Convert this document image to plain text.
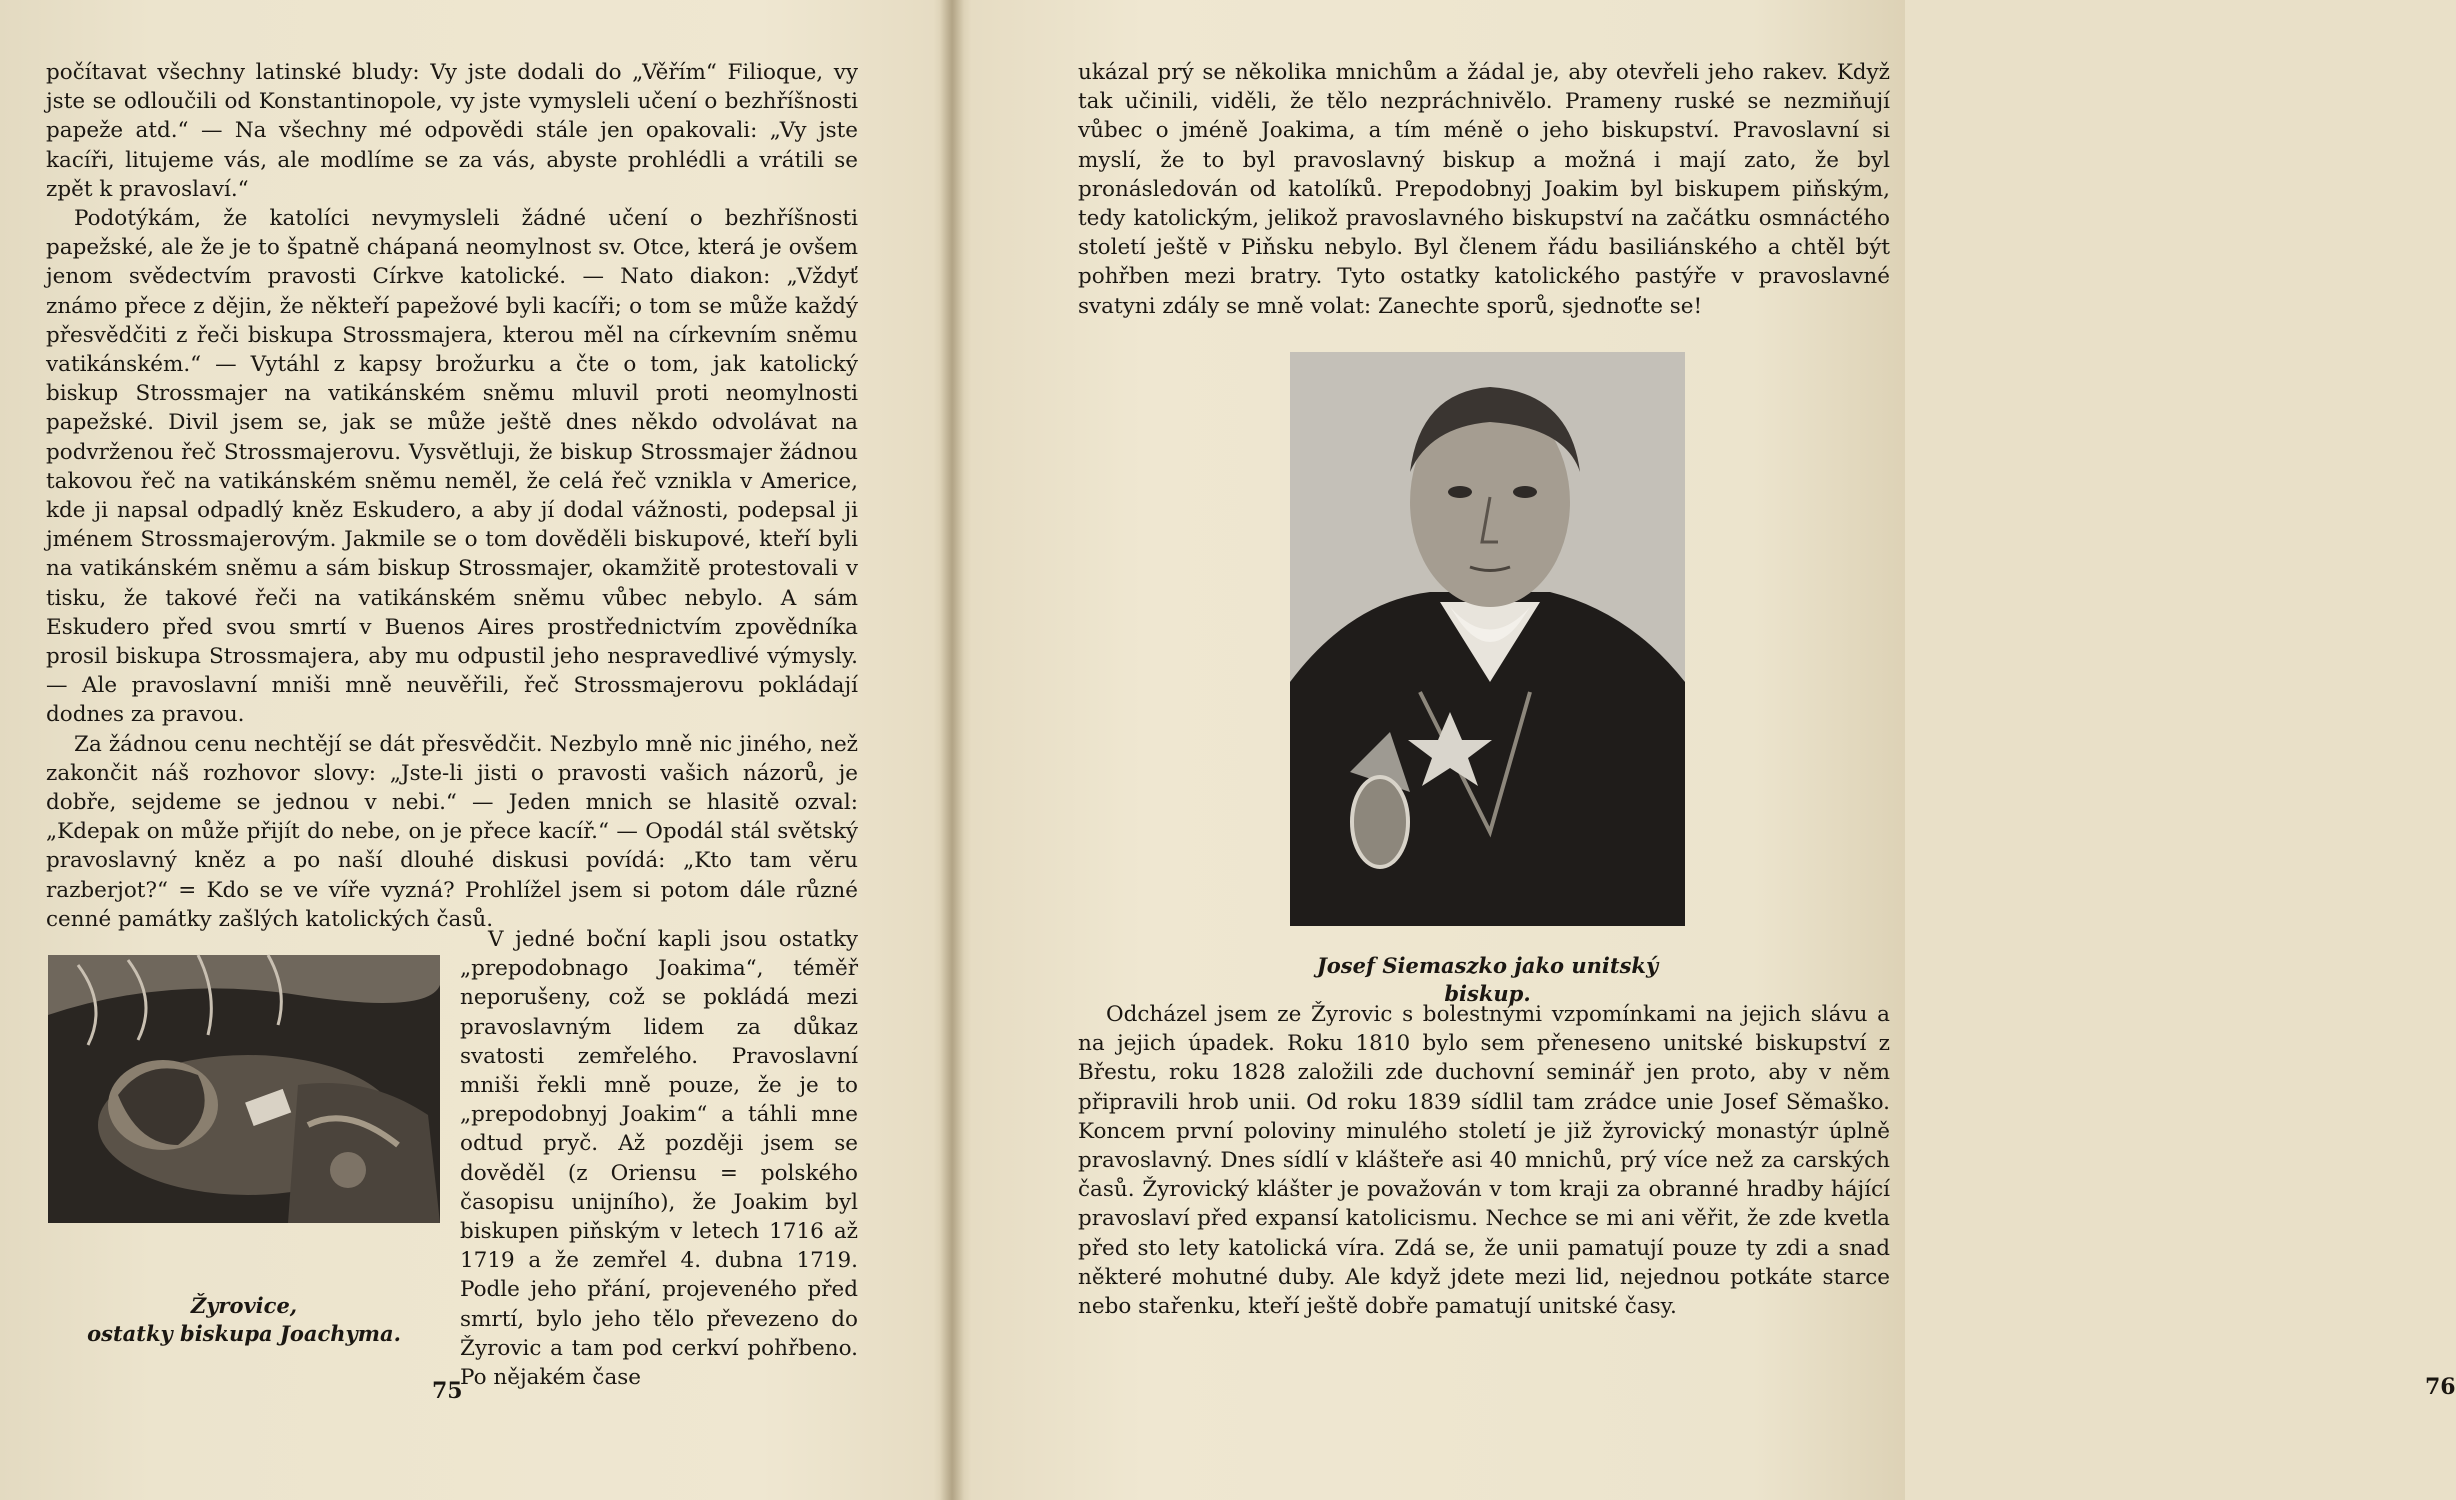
počítavat všechny latinské bludy: Vy jste dodali do „Věřím“ Filioque, vy jste se odloučili od Konstantinopole, vy jste vymysleli učení o bezhříšnosti papeže atd.“ — Na všechny mé odpovědi stále jen opakovali: „Vy jste kacíři, litujeme vás, ale modlíme se za vás, abyste prohlédli a vrátili se zpět k pravoslaví.“

Podotýkám, že katolíci nevymysleli žádné učení o bezhříšnosti papežské, ale že je to špatně chápaná neomylnost sv. Otce, která je ovšem jenom svědectvím pravosti Církve katolické. — Nato diakon: „Vždyť známo přece z dějin, že někteří papežové byli kacíři; o tom se může každý přesvědčiti z řeči biskupa Strossmajera, kterou měl na církevním sněmu vatikánském.“ — Vytáhl z kapsy brožurku a čte o tom, jak katolický biskup Strossmajer na vatikánském sněmu mluvil proti neomylnosti papežské. Divil jsem se, jak se může ještě dnes někdo odvolávat na podvrženou řeč Strossmajerovu. Vysvětluji, že biskup Strossmajer žádnou takovou řeč na vatikánském sněmu neměl, že celá řeč vznikla v Americe, kde ji napsal odpadlý kněz Eskudero, a aby jí dodal vážnosti, podepsal ji jménem Strossmajerovým. Jakmile se o tom dověděli biskupové, kteří byli na vatikánském sněmu a sám biskup Strossmajer, okamžitě protestovali v tisku, že takové řeči na vatikánském sněmu vůbec nebylo. A sám Eskudero před svou smrtí v Buenos Aires prostřednictvím zpovědníka prosil biskupa Strossmajera, aby mu odpustil jeho nespravedlivé výmysly. — Ale pravoslavní mniši mně neuvěřili, řeč Strossmajerovu pokládají dodnes za pravou.

Za žádnou cenu nechtějí se dát přesvědčit. Nezbylo mně nic jiného, než zakončit náš rozhovor slovy: „Jste-li jisti o pravosti vašich názorů, je dobře, sejdeme se jednou v nebi.“ — Jeden mnich se hlasitě ozval: „Kdepak on může přijít do nebe, on je přece kacíř.“ — Opodál stál světský pravoslavný kněz a po naší dlouhé diskusi povídá: „Kto tam věru razberjot?“ = Kdo se ve víře vyzná? Prohlížel jsem si potom dále různé cenné památky zašlých katolických časů.

Žyrovice,
ostatky biskupa Joachyma.

V jedné boční kapli jsou ostatky „prepodobnago Joakima“, téměř neporušeny, což se pokládá mezi pravoslavným lidem za důkaz svatosti zemřelého. Pravoslavní mniši řekli mně pouze, že je to „prepodobnyj Joakim“ a táhli mne odtud pryč. Až později jsem se dověděl (z Oriensu = polského časopisu unijního), že Joakim byl biskupen piňským v letech 1716 až 1719 a že zemřel 4. dubna 1719. Podle jeho přání, projeveného před smrtí, bylo jeho tělo převezeno do Žyrovic a tam pod cerkví pohřbeno. Po nějakém čase

75

ukázal prý se několika mnichům a žádal je, aby otevřeli jeho rakev. Když tak učinili, viděli, že tělo nezpráchnivělo. Prameny ruské se nezmiňují vůbec o jméně Joakima, a tím méně o jeho biskupství. Pravoslavní si myslí, že to byl pravoslavný biskup a možná i mají zato, že byl pronásledován od katolíků. Prepodobnyj Joakim byl biskupem piňským, tedy katolickým, jelikož pravoslavného biskupství na začátku osmnáctého století ještě v Piňsku nebylo. Byl členem řádu basiliánského a chtěl být pohřben mezi bratry. Tyto ostatky katolického pastýře v pravoslavné svatyni zdály se mně volat: Zanechte sporů, sjednoťte se!

Odcházel jsem ze Žyrovic s bolestnými vzpomínkami na jejich slávu a na jejich úpadek. Roku 1810 bylo sem přeneseno unitské biskupství z Břestu, roku 1828 založili zde duchovní seminář jen proto, aby v něm připravili hrob unii. Od roku 1839 sídlil tam zrádce unie Josef Sěmaško. Koncem první poloviny minulého století je již žyrovický monastýr úplně pravoslavný. Dnes sídlí v klášteře asi 40 mnichů, prý více než za carských časů. Žyrovický klášter je považován v tom kraji za obranné hradby hájící pravoslaví před expansí katolicismu. Nechce se mi ani věřit, že zde kvetla před sto lety katolická víra. Zdá se, že unii pamatují pouze ty zdi a snad některé mohutné duby. Ale když jdete mezi lid, nejednou potkáte starce nebo stařenku, kteří ještě dobře pamatují unitské časy.

76
Josef Siemaszko jako unitský biskup.
